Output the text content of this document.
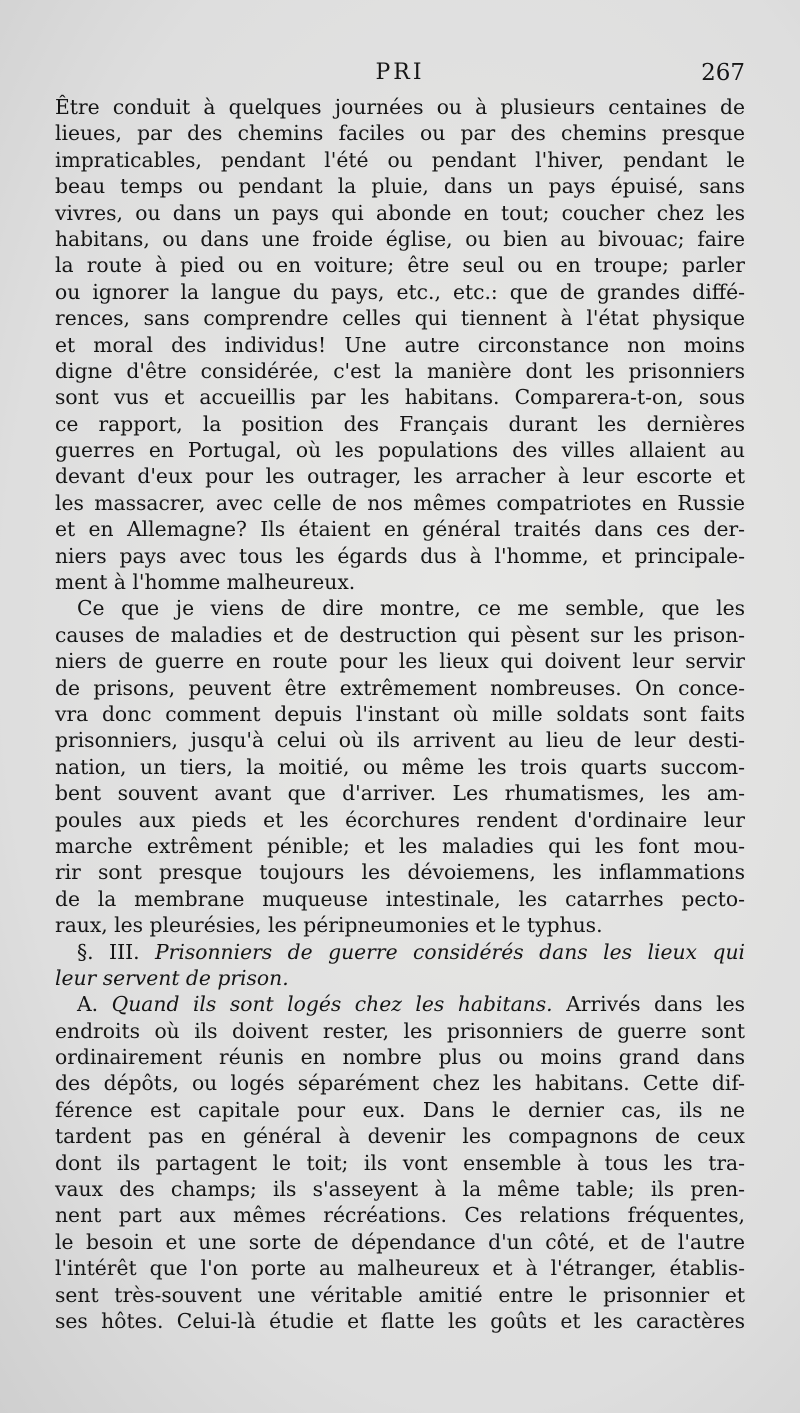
PRI	267
Être conduit à quelques journées ou à plusieurs centaines de
lieues, par des chemins faciles ou par des chemins presque
impraticables, pendant l'été ou pendant l'hiver, pendant le
beau temps ou pendant la pluie, dans un pays épuisé, sans
vivres, ou dans un pays qui abonde en tout; coucher chez les
habitans, ou dans une froide église, ou bien au bivouac; faire
la route à pied ou en voiture; être seul ou en troupe; parler
ou ignorer la langue du pays, etc., etc.: que de grandes diffé-
rences, sans comprendre celles qui tiennent à l'état physique
et moral des individus! Une autre circonstance non moins
digne d'être considérée, c'est la manière dont les prisonniers
sont vus et accueillis par les habitans. Comparera-t-on, sous
ce rapport, la position des Français durant les dernières
guerres en Portugal, où les populations des villes allaient au
devant d'eux pour les outrager, les arracher à leur escorte et
les massacrer, avec celle de nos mêmes compatriotes en Russie
et en Allemagne? Ils étaient en général traités dans ces der-
niers pays avec tous les égards dus à l'homme, et principale-
ment à l'homme malheureux.
Ce que je viens de dire montre, ce me semble, que les
causes de maladies et de destruction qui pèsent sur les prison-
niers de guerre en route pour les lieux qui doivent leur servir
de prisons, peuvent être extrêmement nombreuses. On conce-
vra donc comment depuis l'instant où mille soldats sont faits
prisonniers, jusqu'à celui où ils arrivent au lieu de leur desti-
nation, un tiers, la moitié, ou même les trois quarts succom-
bent souvent avant que d'arriver. Les rhumatismes, les am-
poules aux pieds et les écorchures rendent d'ordinaire leur
marche extrêment pénible; et les maladies qui les font mou-
rir sont presque toujours les dévoiemens, les inflammations
de la membrane muqueuse intestinale, les catarrhes pecto-
raux, les pleurésies, les péripneumonies et le typhus.
§. III. Prisonniers de guerre considérés dans les lieux qui
leur servent de prison.
A. Quand ils sont logés chez les habitans. Arrivés dans les
endroits où ils doivent rester, les prisonniers de guerre sont
ordinairement réunis en nombre plus ou moins grand dans
des dépôts, ou logés séparément chez les habitans. Cette dif-
férence est capitale pour eux. Dans le dernier cas, ils ne
tardent pas en général à devenir les compagnons de ceux
dont ils partagent le toit; ils vont ensemble à tous les tra-
vaux des champs; ils s'asseyent à la même table; ils pren-
nent part aux mêmes récréations. Ces relations fréquentes,
le besoin et une sorte de dépendance d'un côté, et de l'autre
l'intérêt que l'on porte au malheureux et à l'étranger, établis-
sent très-souvent une véritable amitié entre le prisonnier et
ses hôtes. Celui-là étudie et flatte les goûts et les caractères
